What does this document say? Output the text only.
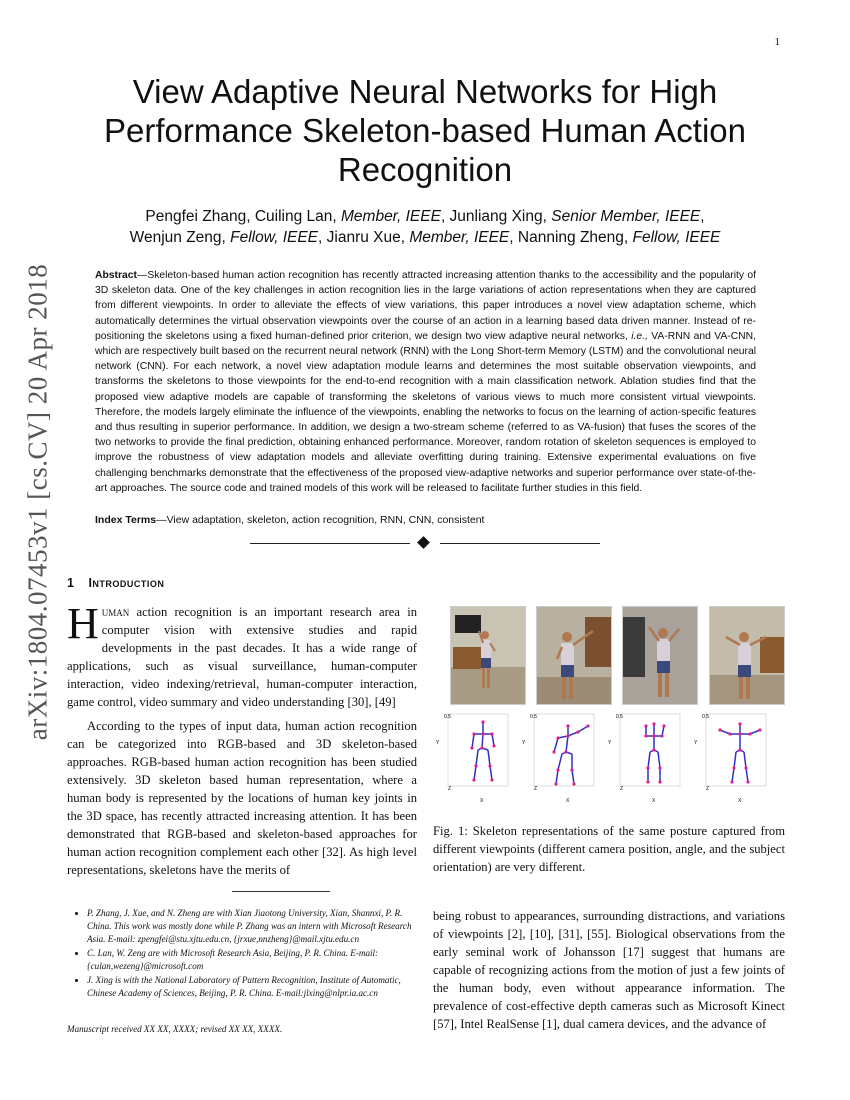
1
arXiv:1804.07453v1 [cs.CV] 20 Apr 2018
View Adaptive Neural Networks for High Performance Skeleton-based Human Action Recognition
Pengfei Zhang, Cuiling Lan, Member, IEEE, Junliang Xing, Senior Member, IEEE,
Wenjun Zeng, Fellow, IEEE, Jianru Xue, Member, IEEE, Nanning Zheng, Fellow, IEEE
Abstract—Skeleton-based human action recognition has recently attracted increasing attention thanks to the accessibility and the popularity of 3D skeleton data. One of the key challenges in action recognition lies in the large variations of action representations when they are captured from different viewpoints. In order to alleviate the effects of view variations, this paper introduces a novel view adaptation scheme, which automatically determines the virtual observation viewpoints over the course of an action in a learning based data driven manner. Instead of re-positioning the skeletons using a fixed human-defined prior criterion, we design two view adaptive neural networks, i.e., VA-RNN and VA-CNN, which are respectively built based on the recurrent neural network (RNN) with the Long Short-term Memory (LSTM) and the convolutional neural network (CNN). For each network, a novel view adaptation module learns and determines the most suitable observation viewpoints, and transforms the skeletons to those viewpoints for the end-to-end recognition with a main classification network. Ablation studies find that the proposed view adaptive models are capable of transforming the skeletons of various views to much more consistent virtual viewpoints. Therefore, the models largely eliminate the influence of the viewpoints, enabling the networks to focus on the learning of action-specific features and thus resulting in superior performance. In addition, we design a two-stream scheme (referred to as VA-fusion) that fuses the scores of the two networks to provide the final prediction, obtaining enhanced performance. Moreover, random rotation of skeleton sequences is employed to improve the robustness of view adaptation models and alleviate overfitting during training. Extensive experimental evaluations on five challenging benchmarks demonstrate that the effectiveness of the proposed view-adaptive networks and superior performance over state-of-the-art approaches. The source code and trained models of this work will be released to facilitate further studies in this field.
Index Terms—View adaptation, skeleton, action recognition, RNN, CNN, consistent
1 Introduction
Human action recognition is an important research area in computer vision with extensive studies and rapid developments in the past decades. It has a wide range of applications, such as visual surveillance, human-computer interaction, video indexing/retrieval, human-computer interaction, game control, video summary and video understanding [30], [49]
According to the types of input data, human action recognition can be categorized into RGB-based and 3D skeleton-based approaches. RGB-based human action recognition has been studied extensively. 3D skeleton based human representation, where a human body is represented by the locations of human key joints in the 3D space, has recently attracted increasing attention. It has been demonstrated that RGB-based and skeleton-based approaches for human action recognition complement each other [32]. As high level representations, skeletons have the merits of
• P. Zhang, J. Xue, and N. Zheng are with Xian Jiaotong University, Xian, Shannxi, P. R. China. This work was mostly done while P. Zhang was an intern with Microsoft Research Asia. E-mail: zpengfei@stu.xjtu.edu.cn, {jrxue,nnzheng}@mail.xjtu.edu.cn
• C. Lan, W. Zeng are with Microsoft Research Asia, Beijing, P. R. China. E-mail: {culan,wezeng}@microsoft.com
• J. Xing is with the National Laboratory of Pattern Recognition, Institute of Automatic, Chinese Academy of Sciences, Beijing, P. R. China. E-mail:jlxing@nlpr.ia.ac.cn
Manuscript received XX XX, XXXX; revised XX XX, XXXX.
Y
0.5
Z
X
Y
0.5
Z
X
Y
0.5
Z
X
Y
0.5
Z
X
Fig. 1: Skeleton representations of the same posture captured from different viewpoints (different camera position, angle, and the subject orientation) are very different.
being robust to appearances, surrounding distractions, and variations of viewpoints [2], [10], [31], [55]. Biological observations from the early seminal work of Johansson [17] suggest that humans are capable of recognizing actions from the motion of just a few joints of the human body, even without appearance information. The prevalence of cost-effective depth cameras such as Microsoft Kinect [57], Intel RealSense [1], dual camera devices, and the advance of
